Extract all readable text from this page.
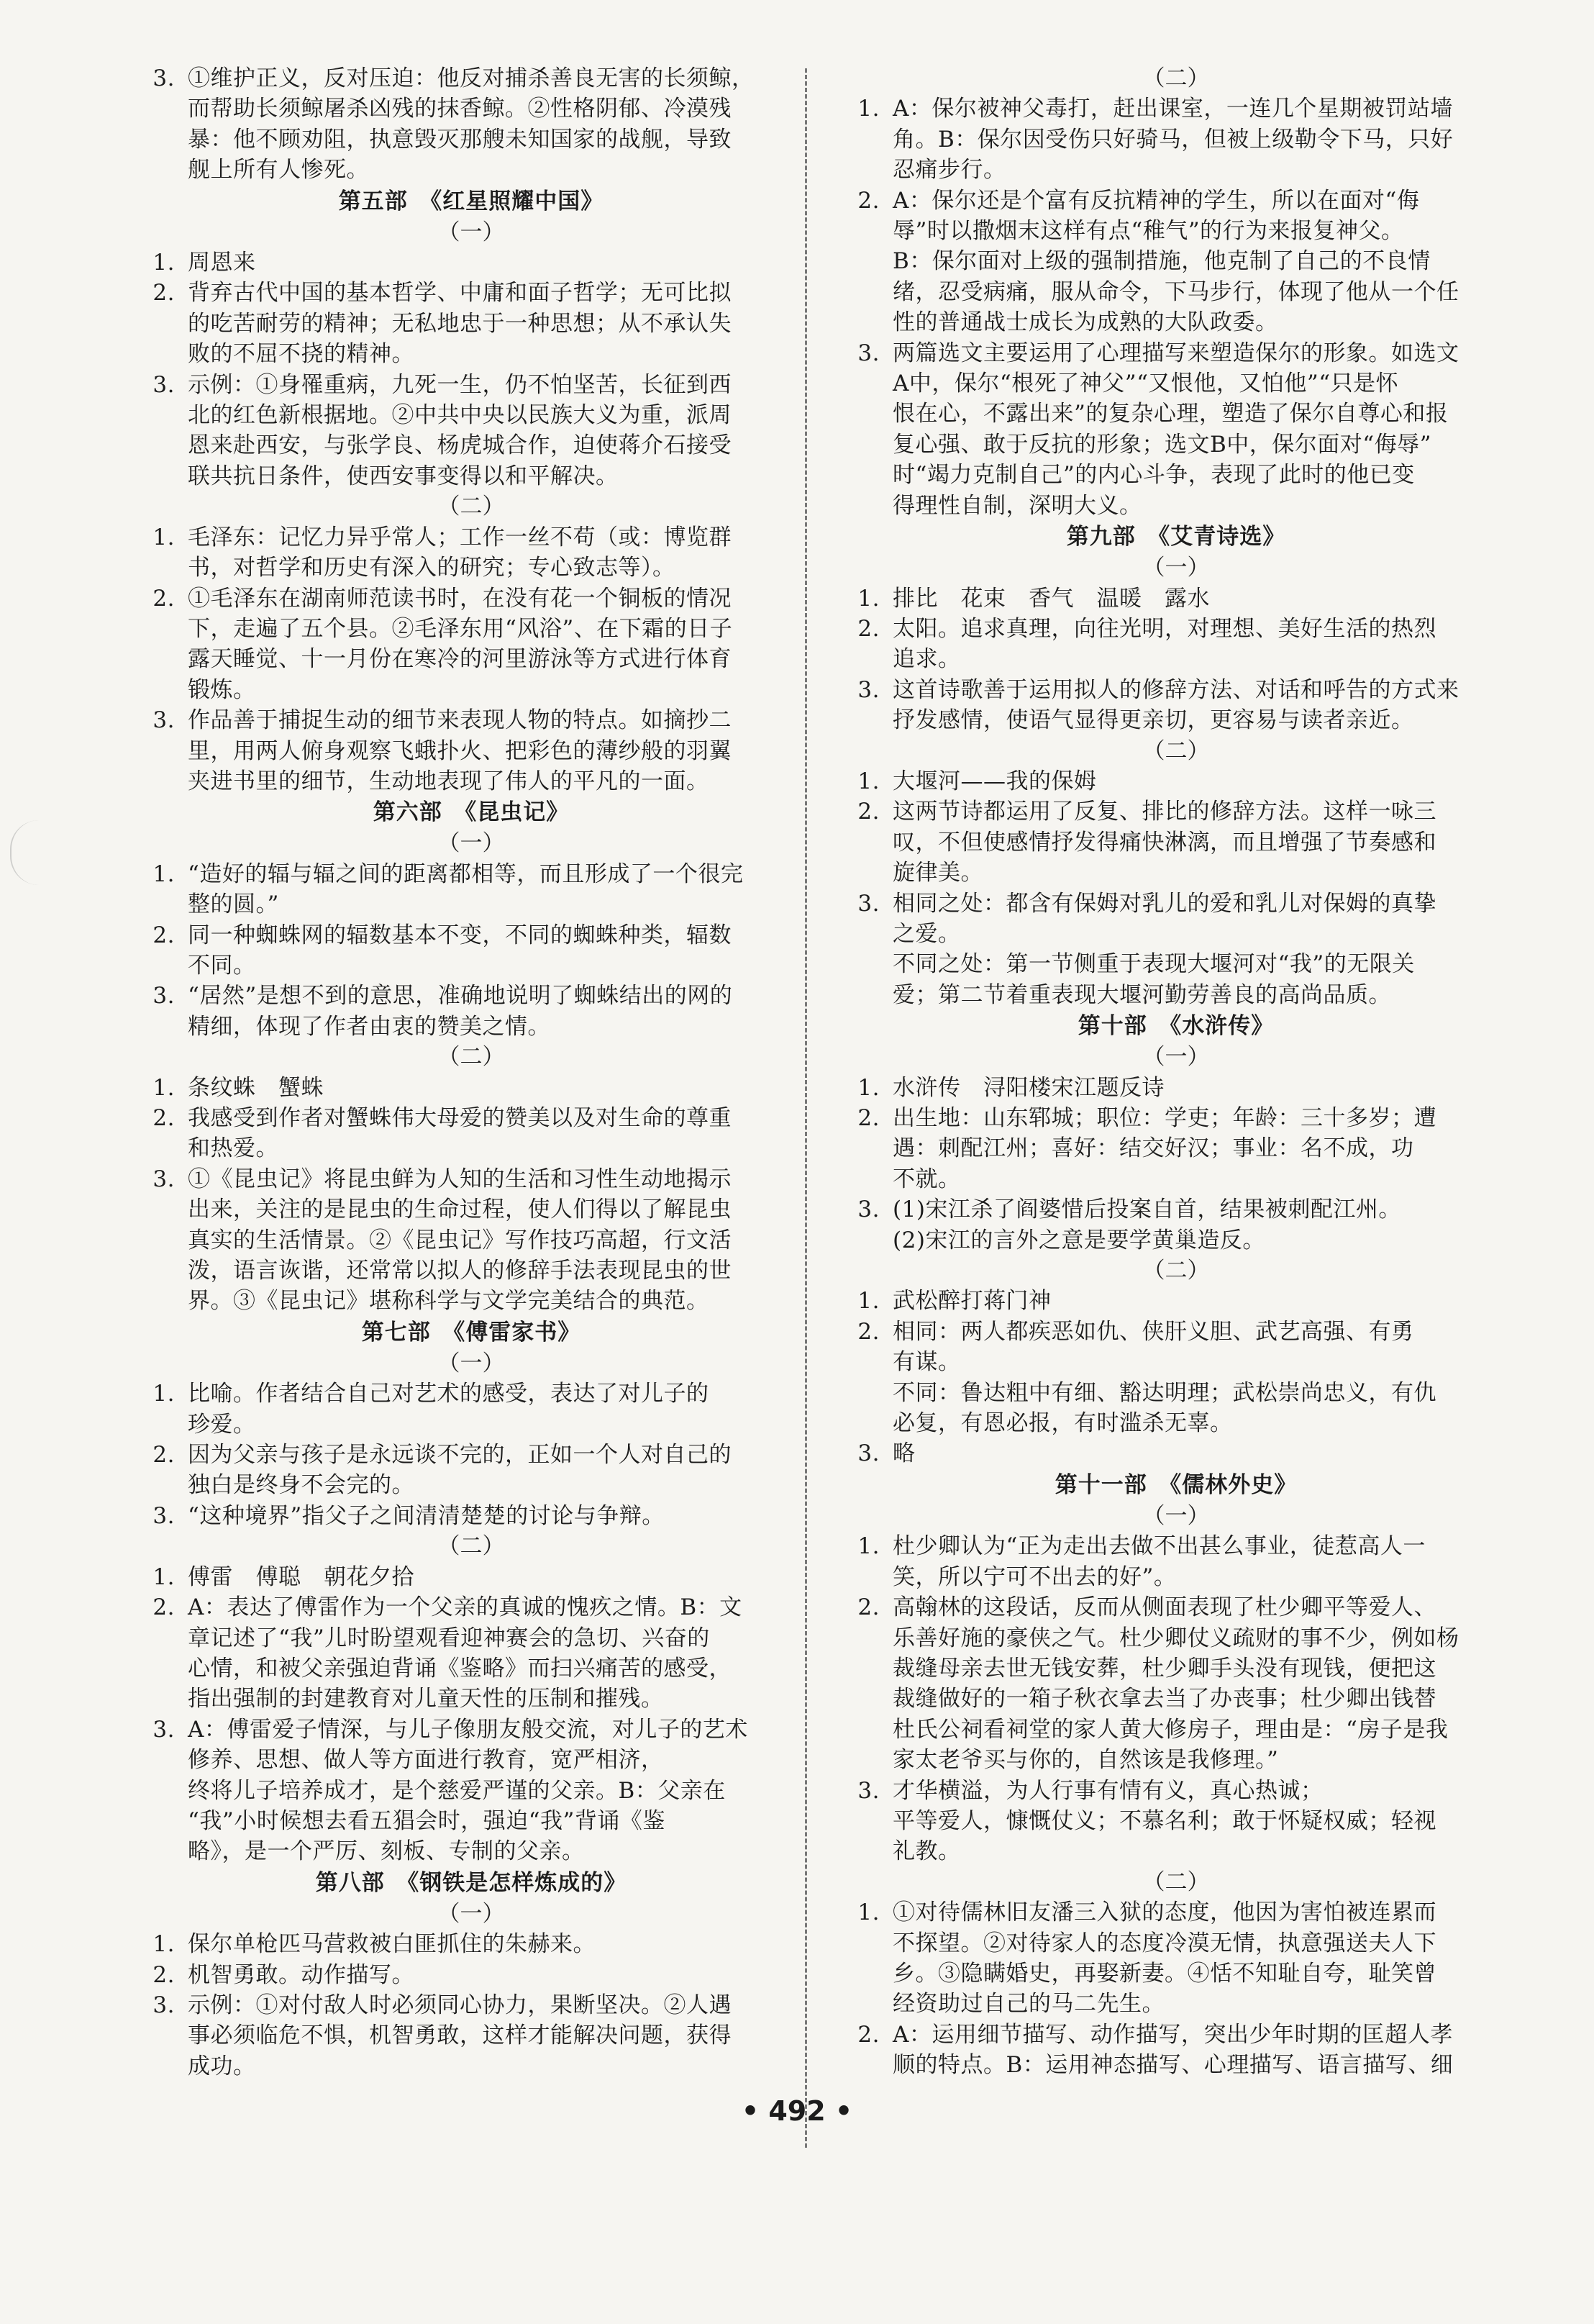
3. ①维护正义，反对压迫：他反对捕杀善良无害的长须鲸，
而帮助长须鲸屠杀凶残的抹香鲸。②性格阴郁、冷漠残
暴：他不顾劝阻，执意毁灭那艘未知国家的战舰，导致
舰上所有人惨死。
第五部　《红星照耀中国》
（一）
1. 周恩来
2. 背弃古代中国的基本哲学、中庸和面子哲学；无可比拟
的吃苦耐劳的精神；无私地忠于一种思想；从不承认失
败的不屈不挠的精神。
3. 示例：①身罹重病，九死一生，仍不怕坚苦，长征到西
北的红色新根据地。②中共中央以民族大义为重，派周
恩来赴西安，与张学良、杨虎城合作，迫使蒋介石接受
联共抗日条件，使西安事变得以和平解决。
（二）
1. 毛泽东：记忆力异乎常人；工作一丝不苟（或：博览群
书，对哲学和历史有深入的研究；专心致志等）。
2. ①毛泽东在湖南师范读书时，在没有花一个铜板的情况
下，走遍了五个县。②毛泽东用“风浴”、在下霜的日子
露天睡觉、十一月份在寒冷的河里游泳等方式进行体育
锻炼。
3. 作品善于捕捉生动的细节来表现人物的特点。如摘抄二
里，用两人俯身观察飞蛾扑火、把彩色的薄纱般的羽翼
夹进书里的细节，生动地表现了伟人的平凡的一面。
第六部　《昆虫记》
（一）
1. “造好的辐与辐之间的距离都相等，而且形成了一个很完
整的圆。”
2. 同一种蜘蛛网的辐数基本不变，不同的蜘蛛种类，辐数
不同。
3. “居然”是想不到的意思，准确地说明了蜘蛛结出的网的
精细，体现了作者由衷的赞美之情。
（二）
1. 条纹蛛　蟹蛛
2. 我感受到作者对蟹蛛伟大母爱的赞美以及对生命的尊重
和热爱。
3. ①《昆虫记》将昆虫鲜为人知的生活和习性生动地揭示
出来，关注的是昆虫的生命过程，使人们得以了解昆虫
真实的生活情景。②《昆虫记》写作技巧高超，行文活
泼，语言诙谐，还常常以拟人的修辞手法表现昆虫的世
界。③《昆虫记》堪称科学与文学完美结合的典范。
第七部　《傅雷家书》
（一）
1. 比喻。作者结合自己对艺术的感受，表达了对儿子的
珍爱。
2. 因为父亲与孩子是永远谈不完的，正如一个人对自己的
独白是终身不会完的。
3. “这种境界”指父子之间清清楚楚的讨论与争辩。
（二）
1. 傅雷　傅聪　朝花夕拾
2. A：表达了傅雷作为一个父亲的真诚的愧疚之情。B：文
章记述了“我”儿时盼望观看迎神赛会的急切、兴奋的
心情，和被父亲强迫背诵《鉴略》而扫兴痛苦的感受，
指出强制的封建教育对儿童天性的压制和摧残。
3. A：傅雷爱子情深，与儿子像朋友般交流，对儿子的艺术
修养、思想、做人等方面进行教育，宽严相济，
终将儿子培养成才，是个慈爱严谨的父亲。B：父亲在
“我”小时候想去看五猖会时，强迫“我”背诵《鉴
略》，是一个严厉、刻板、专制的父亲。
第八部　《钢铁是怎样炼成的》
（一）
1. 保尔单枪匹马营救被白匪抓住的朱赫来。
2. 机智勇敢。动作描写。
3. 示例：①对付敌人时必须同心协力，果断坚决。②人遇
事必须临危不惧，机智勇敢，这样才能解决问题，获得
成功。
（二）
1. A：保尔被神父毒打，赶出课室，一连几个星期被罚站墙
角。B：保尔因受伤只好骑马，但被上级勒令下马，只好
忍痛步行。
2. A：保尔还是个富有反抗精神的学生，所以在面对“侮
辱”时以撒烟末这样有点“稚气”的行为来报复神父。
B：保尔面对上级的强制措施，他克制了自己的不良情
绪，忍受病痛，服从命令，下马步行，体现了他从一个任
性的普通战士成长为成熟的大队政委。
3. 两篇选文主要运用了心理描写来塑造保尔的形象。如选文
A中，保尔“根死了神父”“又恨他，又怕他”“只是怀
恨在心，不露出来”的复杂心理，塑造了保尔自尊心和报
复心强、敢于反抗的形象；选文B中，保尔面对“侮辱”
时“竭力克制自己”的内心斗争，表现了此时的他已变
得理性自制，深明大义。
第九部　《艾青诗选》
（一）
1. 排比　花束　香气　温暖　露水
2. 太阳。追求真理，向往光明，对理想、美好生活的热烈
追求。
3. 这首诗歌善于运用拟人的修辞方法、对话和呼告的方式来
抒发感情，使语气显得更亲切，更容易与读者亲近。
（二）
1. 大堰河——我的保姆
2. 这两节诗都运用了反复、排比的修辞方法。这样一咏三
叹，不但使感情抒发得痛快淋漓，而且增强了节奏感和
旋律美。
3. 相同之处：都含有保姆对乳儿的爱和乳儿对保姆的真挚
之爱。
不同之处：第一节侧重于表现大堰河对“我”的无限关
爱；第二节着重表现大堰河勤劳善良的高尚品质。
第十部　《水浒传》
（一）
1. 水浒传　浔阳楼宋江题反诗
2. 出生地：山东郓城；职位：学吏；年龄：三十多岁；遭
遇：刺配江州；喜好：结交好汉；事业：名不成，功
不就。
3. (1)宋江杀了阎婆惜后投案自首，结果被刺配江州。
(2)宋江的言外之意是要学黄巢造反。
（二）
1. 武松醉打蒋门神
2. 相同：两人都疾恶如仇、侠肝义胆、武艺高强、有勇
有谋。
不同：鲁达粗中有细、豁达明理；武松崇尚忠义，有仇
必复，有恩必报，有时滥杀无辜。
3. 略
第十一部　《儒林外史》
（一）
1. 杜少卿认为“正为走出去做不出甚么事业，徒惹高人一
笑，所以宁可不出去的好”。
2. 高翰林的这段话，反而从侧面表现了杜少卿平等爱人、
乐善好施的豪侠之气。杜少卿仗义疏财的事不少，例如杨
裁缝母亲去世无钱安葬，杜少卿手头没有现钱，便把这
裁缝做好的一箱子秋衣拿去当了办丧事；杜少卿出钱替
杜氏公祠看祠堂的家人黄大修房子，理由是：“房子是我
家太老爷买与你的，自然该是我修理。”
3. 才华横溢，为人行事有情有义，真心热诚；
平等爱人，慷慨仗义；不慕名利；敢于怀疑权威；轻视
礼教。
（二）
1. ①对待儒林旧友潘三入狱的态度，他因为害怕被连累而
不探望。②对待家人的态度冷漠无情，执意强送夫人下
乡。③隐瞒婚史，再娶新妻。④恬不知耻自夸，耻笑曾
经资助过自己的马二先生。
2. A：运用细节描写、动作描写，突出少年时期的匡超人孝
顺的特点。B：运用神态描写、心理描写、语言描写、细
• 492 •
